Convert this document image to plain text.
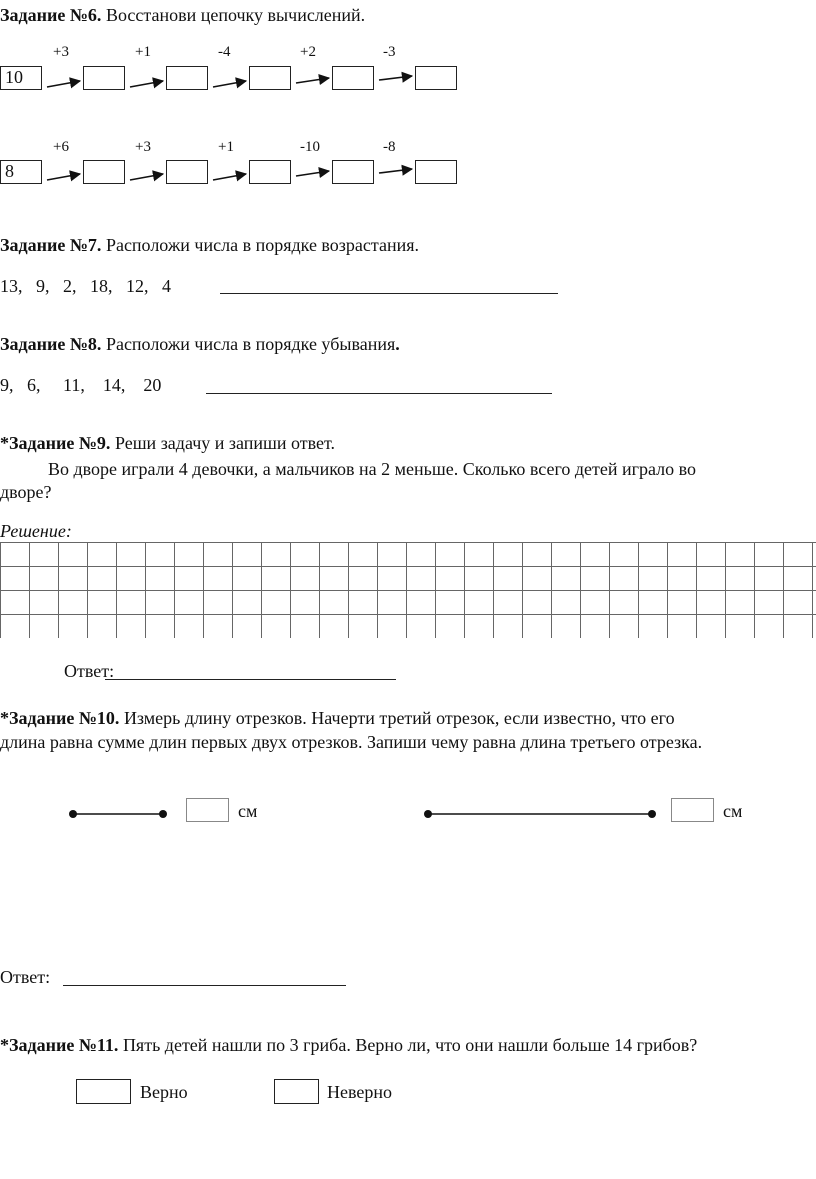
Задание №6. Восстанови цепочку вычислений.
+3	+1	-4	+2	-3
10
+6	+3	+1	-10	-8
8
Задание №7. Расположи числа в порядке возрастания.
13,   9,   2,   18,   12,   4
Задание №8. Расположи числа в порядке убывания.
9,   6,     11,    14,    20
*Задание №9. Реши задачу и запиши ответ.
Во дворе играли 4 девочки, а мальчиков на 2 меньше. Сколько всего детей играло во
дворе?
Решение:
Ответ:
*Задание №10. Измерь длину отрезков. Начерти третий отрезок, если известно, что его
длина равна сумме длин первых двух отрезков. Запиши чему равна длина третьего отрезка.
см	см
Ответ:
*Задание №11. Пять детей нашли по 3 гриба. Верно ли, что они нашли больше 14 грибов?
Верно	Неверно
